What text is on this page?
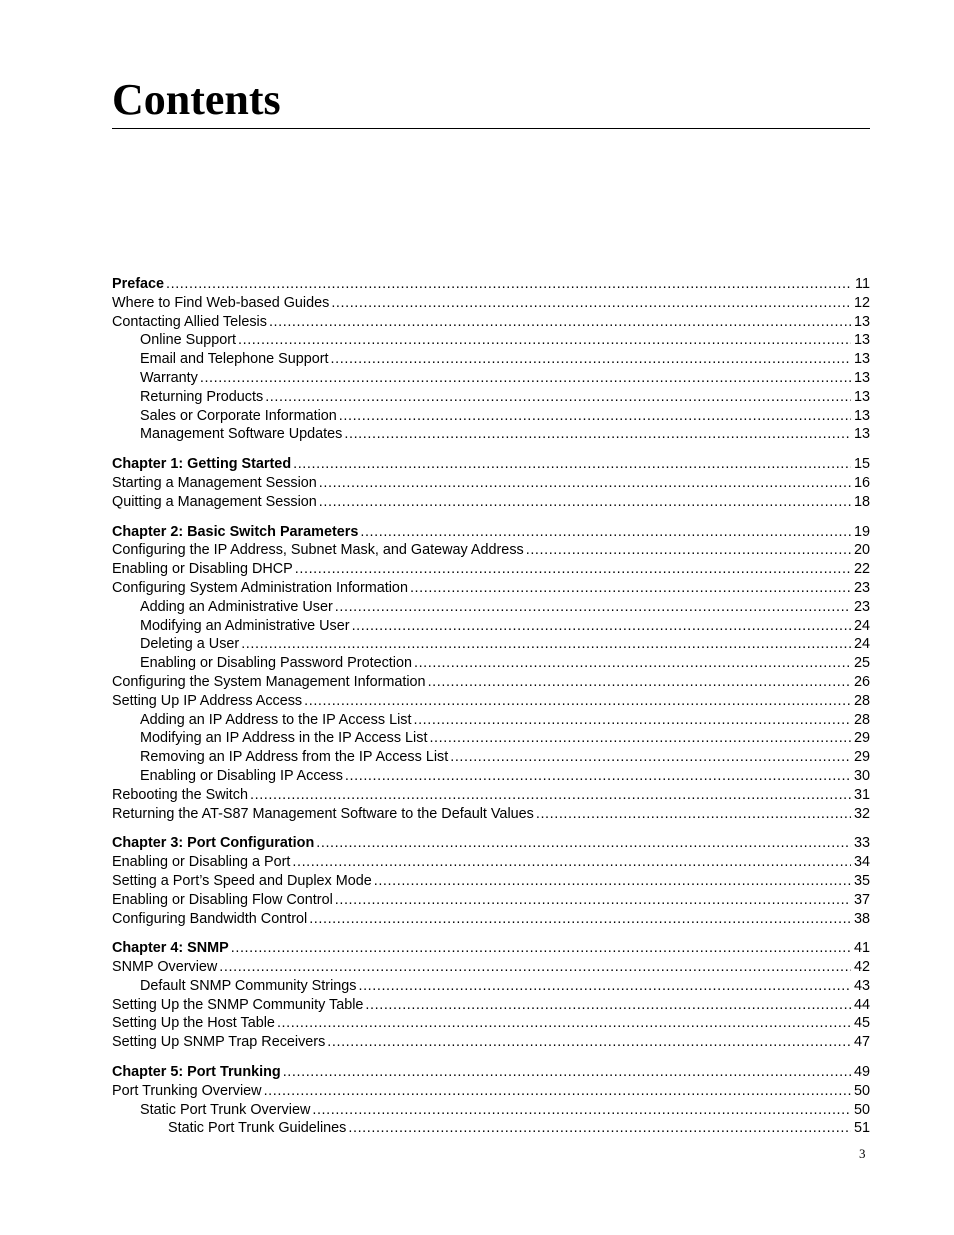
Contents
Preface .....	11
Where to Find Web-based Guides .....	12
Contacting Allied Telesis .....	13
Online Support .....	13
Email and Telephone Support .....	13
Warranty .....	13
Returning Products .....	13
Sales or Corporate Information .....	13
Management Software Updates .....	13
Chapter 1: Getting Started .....	15
Starting a Management Session .....	16
Quitting a Management Session .....	18
Chapter 2: Basic Switch Parameters .....	19
Configuring the IP Address, Subnet Mask, and Gateway Address .....	20
Enabling or Disabling DHCP .....	22
Configuring System Administration Information .....	23
Adding an Administrative User .....	23
Modifying an Administrative User .....	24
Deleting a User .....	24
Enabling or Disabling Password Protection .....	25
Configuring the System Management Information .....	26
Setting Up IP Address Access .....	28
Adding an IP Address to the IP Access List .....	28
Modifying an IP Address in the IP Access List .....	29
Removing an IP Address from the IP Access List .....	29
Enabling or Disabling IP Access .....	30
Rebooting the Switch .....	31
Returning the AT-S87 Management Software to the Default Values .....	32
Chapter 3: Port Configuration .....	33
Enabling or Disabling a Port .....	34
Setting a Port’s Speed and Duplex Mode .....	35
Enabling or Disabling Flow Control .....	37
Configuring Bandwidth Control .....	38
Chapter 4: SNMP .....	41
SNMP Overview .....	42
Default SNMP Community Strings .....	43
Setting Up the SNMP Community Table .....	44
Setting Up the Host Table .....	45
Setting Up SNMP Trap Receivers .....	47
Chapter 5: Port Trunking .....	49
Port Trunking Overview .....	50
Static Port Trunk Overview .....	50
Static Port Trunk Guidelines .....	51
3
